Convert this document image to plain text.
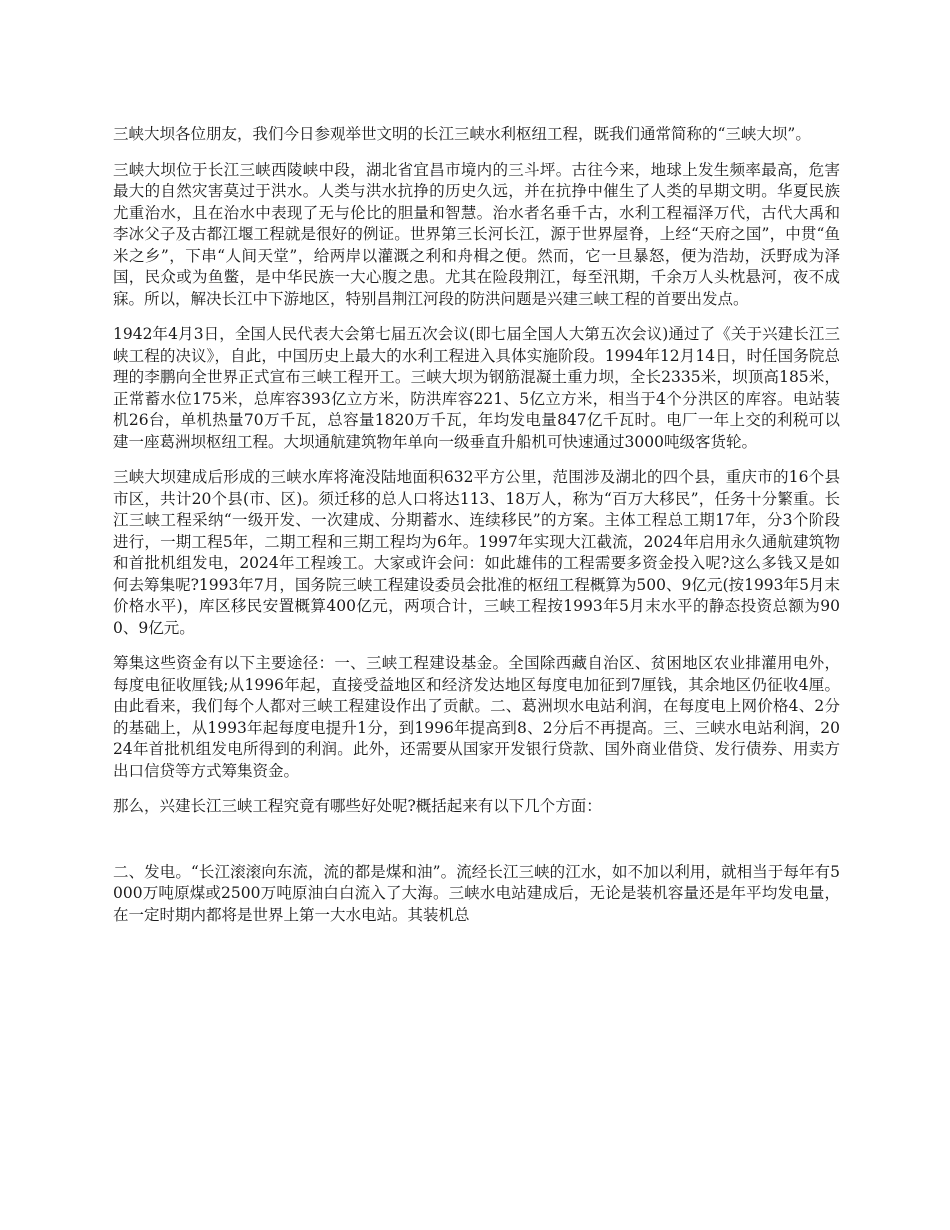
三峡大坝各位朋友，我们今日参观举世文明的长江三峡水利枢纽工程，既我们通常简称的“三峡大坝”。

三峡大坝位于长江三峡西陵峡中段，湖北省宜昌市境内的三斗坪。古往今来，地球上发生频率最高，危害最大的自然灾害莫过于洪水。人类与洪水抗挣的历史久远，并在抗挣中催生了人类的早期文明。华夏民族尤重治水，且在治水中表现了无与伦比的胆量和智慧。治水者名垂千古，水利工程福泽万代，古代大禹和李冰父子及古都江堰工程就是很好的例证。世界第三长河长江，源于世界屋脊，上经“天府之国”，中贯“鱼米之乡”，下串“人间天堂”，给两岸以灌溉之利和舟楫之便。然而，它一旦暴怒，便为浩劫，沃野成为泽国，民众或为鱼鳖，是中华民族一大心腹之患。尤其在险段荆江，每至汛期，千余万人头枕悬河，夜不成寐。所以，解决长江中下游地区，特别昌荆江河段的防洪问题是兴建三峡工程的首要出发点。

1942年4月3日，全国人民代表大会第七届五次会议(即七届全国人大第五次会议)通过了《关于兴建长江三峡工程的决议》，自此，中国历史上最大的水利工程进入具体实施阶段。1994年12月14日，时任国务院总理的李鹏向全世界正式宣布三峡工程开工。三峡大坝为钢筋混凝土重力坝，全长2335米，坝顶高185米，正常蓄水位175米，总库容393亿立方米，防洪库容221、5亿立方米，相当于4个分洪区的库容。电站装机26台，单机热量70万千瓦，总容量1820万千瓦，年均发电量847亿千瓦时。电厂一年上交的利税可以建一座葛洲坝枢纽工程。大坝通航建筑物年单向一级垂直升船机可快速通过3000吨级客货轮。

三峡大坝建成后形成的三峡水库将淹没陆地面积632平方公里，范围涉及湖北的四个县，重庆市的16个县市区，共计20个县(市、区)。须迁移的总人口将达113、18万人，称为“百万大移民”，任务十分繁重。长江三峡工程采纳“一级开发、一次建成、分期蓄水、连续移民”的方案。主体工程总工期17年，分3个阶段进行，一期工程5年，二期工程和三期工程均为6年。1997年实现大江截流，2024年启用永久通航建筑物和首批机组发电，2024年工程竣工。大家或许会问：如此雄伟的工程需要多资金投入呢?这么多钱又是如何去筹集呢?1993年7月，国务院三峡工程建设委员会批准的枢纽工程概算为500、9亿元(按1993年5月末价格水平)，库区移民安置概算400亿元，两项合计，三峡工程按1993年5月末水平的静态投资总额为900、9亿元。

筹集这些资金有以下主要途径：一、三峡工程建设基金。全国除西藏自治区、贫困地区农业排灌用电外，每度电征收厘钱;从1996年起，直接受益地区和经济发达地区每度电加征到7厘钱，其余地区仍征收4厘。由此看来，我们每个人都对三峡工程建设作出了贡献。二、葛洲坝水电站利润，在每度电上网价格4、2分的基础上，从1993年起每度电提升1分，到1996年提高到8、2分后不再提高。三、三峡水电站利润，2024年首批机组发电所得到的利润。此外，还需要从国家开发银行贷款、国外商业借贷、发行债券、用卖方出口信贷等方式筹集资金。

那么，兴建长江三峡工程究竟有哪些好处呢?概括起来有以下几个方面：

二、发电。“长江滚滚向东流，流的都是煤和油”。流经长江三峡的江水，如不加以利用，就相当于每年有5000万吨原煤或2500万吨原油白白流入了大海。三峡水电站建成后，无论是装机容量还是年平均发电量，在一定时期内都将是世界上第一大水电站。其装机总
